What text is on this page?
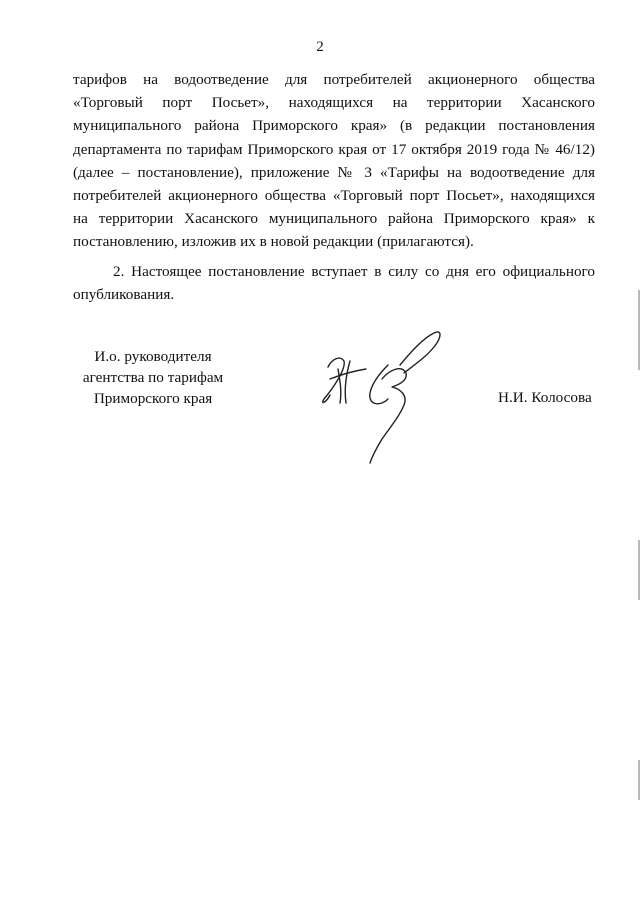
2
тарифов на водоотведение для потребителей акционерного общества
«Торговый порт Посьет», находящихся на территории Хасанского
муниципального района Приморского края» (в редакции постановления
департамента по тарифам Приморского края от 17 октября 2019 года № 46/12)
(далее – постановление), приложение № 3 «Тарифы на водоотведение для
потребителей акционерного общества «Торговый порт Посьет», находящихся
на территории Хасанского муниципального района Приморского края» к
постановлению, изложив их в новой редакции (прилагаются).
2. Настоящее постановление вступает в силу со дня его официального
опубликования.
И.о. руководителя
агентства по тарифам
Приморского края	Н.И. Колосова
